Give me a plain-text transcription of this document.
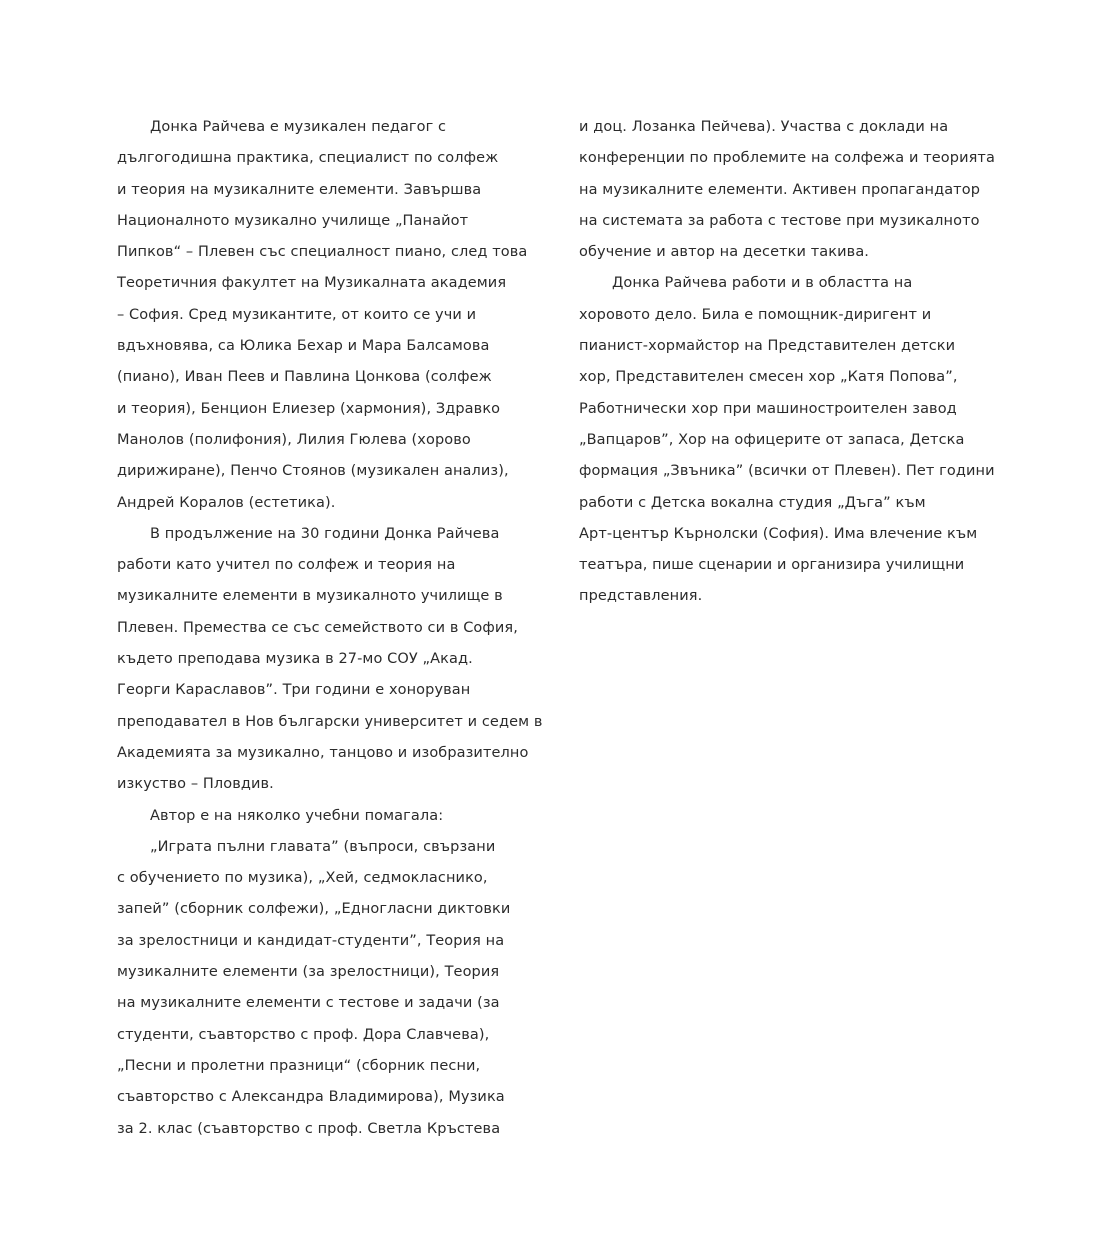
Донка Райчева е музикален педагог с
дългогодишна практика, специалист по солфеж
и теория на музикалните елементи. Завършва
Националното музикално училище „Панайот
Пипков“ – Плевен със специалност пиано, след това
Теоретичния факултет на Музикалната академия
– София. Сред музикантите, от които се учи и
вдъхновява, са Юлика Бехар и Мара Балсамова
(пиано), Иван Пеев и Павлина Цонкова (солфеж
и теория), Бенцион Елиезер (хармония), Здравко
Манолов (полифония), Лилия Гюлева (хорово
дирижиране), Пенчо Стоянов (музикален анализ),
Андрей Коралов (естетика).
В продължение на 30 години Донка Райчева
работи като учител по солфеж и теория на
музикалните елементи в музикалното училище в
Плевен. Премества се със семейството си в София,
където преподава музика в 27-мо СОУ „Акад.
Георги Караславов”. Три години е хоноруван
преподавател в Нов български университет и седем в
Академията за музикално, танцово и изобразително
изкуство – Пловдив.
Автор е на няколко учебни помагала:
„Играта пълни главата” (въпроси, свързани
с обучението по музика), „Хей, седмокласнико,
запей” (сборник солфежи), „Едногласни диктовки
за зрелостници и кандидат-студенти”, Теория на
музикалните елементи (за зрелостници), Теория
на музикалните елементи с тестове и задачи (за
студенти, съавторство с проф. Дора Славчева),
„Песни и пролетни празници“ (сборник песни,
съавторство с Александра Владимирова), Музика
за 2. клас (съавторство с проф. Светла Кръстева
и доц. Лозанка Пейчева). Участва с доклади на
конференции по проблемите на солфежа и теорията
на музикалните елементи. Активен пропагандатор
на системата за работа с тестове при музикалното
обучение и автор на десетки такива.
Донка Райчева работи и в областта на
хоровото дело. Била е помощник-диригент и
пианист-хормайстор на Представителен детски
хор, Представителен смесен хор „Катя Попова”,
Работнически хор при машиностроителен завод
„Вапцаров”, Хор на офицерите от запаса, Детска
формация „Звъника” (всички от Плевен). Пет години
работи с Детска вокална студия „Дъга” към
Арт-център Кърнолски (София). Има влечение към
театъра, пише сценарии и организира училищни
представления.
